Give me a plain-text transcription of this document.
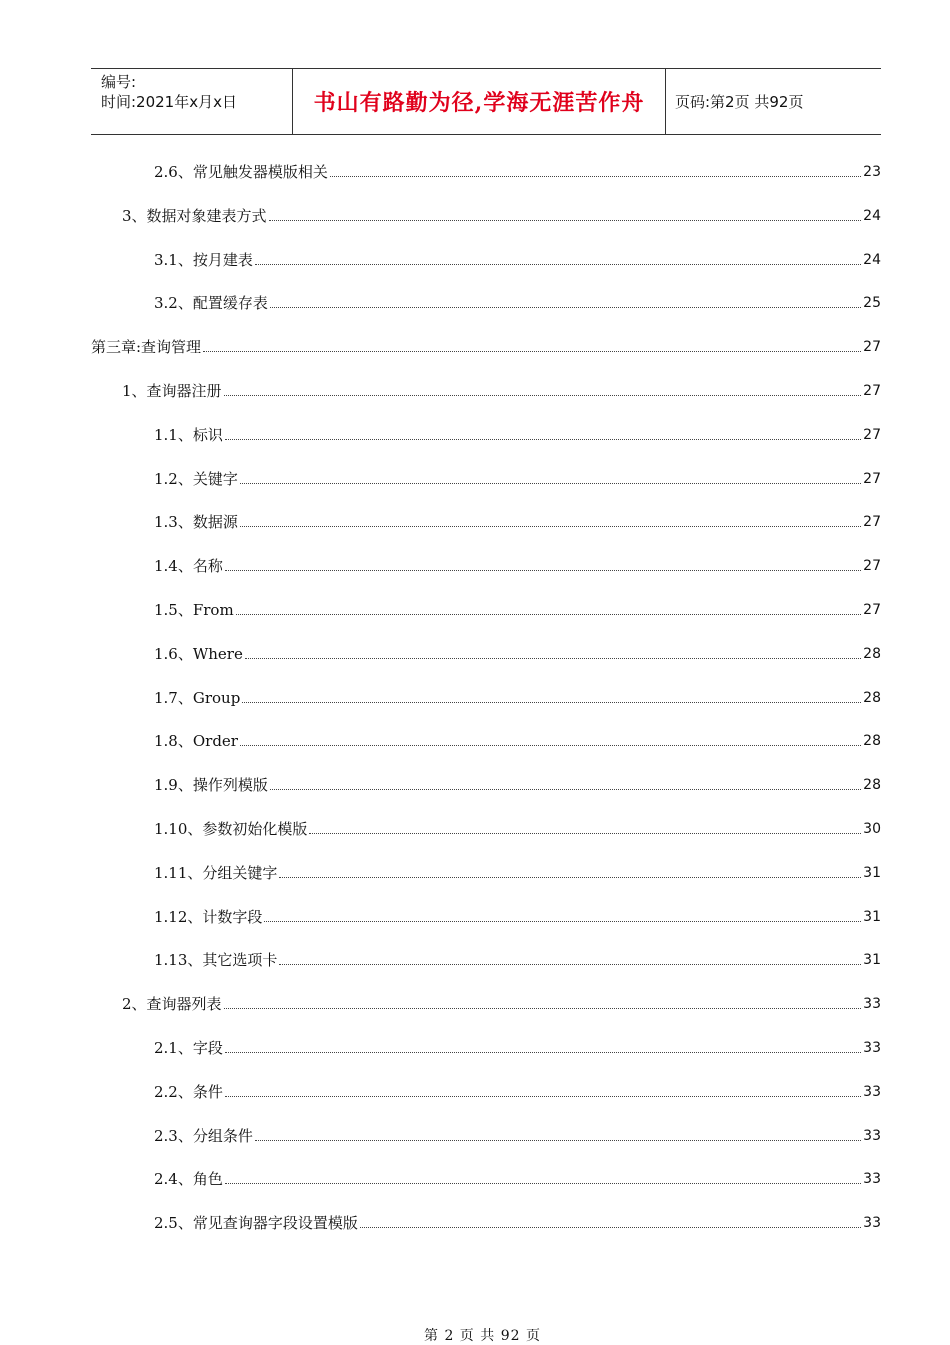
编号:
时间:2021年x月x日	书山有路勤为径,学海无涯苦作舟	页码:第2页 共92页
2.6、常见触发器模版相关	23
3、数据对象建表方式	24
3.1、按月建表	24
3.2、配置缓存表	25
第三章:查询管理	27
1、查询器注册	27
1.1、标识	27
1.2、关键字	27
1.3、数据源	27
1.4、名称	27
1.5、From	27
1.6、Where	28
1.7、Group	28
1.8、Order	28
1.9、操作列模版	28
1.10、参数初始化模版	30
1.11、分组关键字	31
1.12、计数字段	31
1.13、其它选项卡	31
2、查询器列表	33
2.1、字段	33
2.2、条件	33
2.3、分组条件	33
2.4、角色	33
2.5、常见查询器字段设置模版	33
第 2 页 共 92 页
